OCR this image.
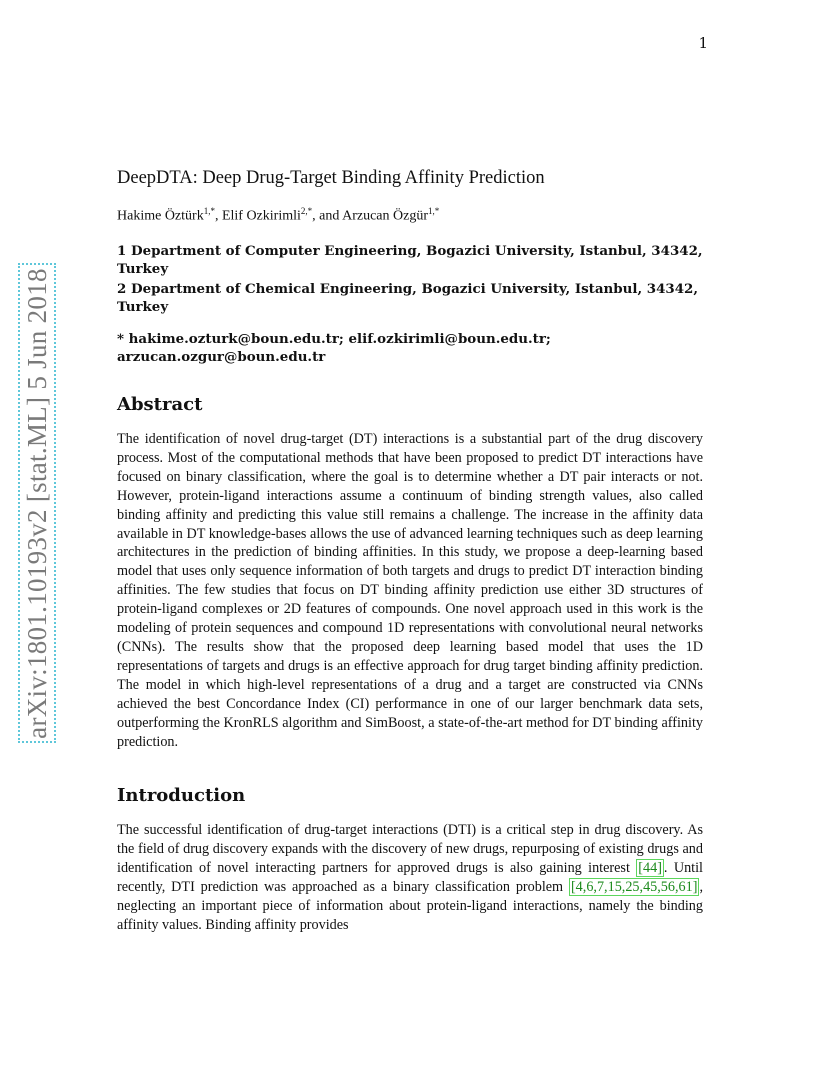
1
arXiv:1801.10193v2 [stat.ML] 5 Jun 2018
DeepDTA: Deep Drug-Target Binding Affinity Prediction
Hakime Öztürk$^{1,*}$, Elif Ozkirimli$^{2,*}$, and Arzucan Özgür$^{1,*}$
1 Department of Computer Engineering, Bogazici University, Istanbul, 34342, Turkey
2 Department of Chemical Engineering, Bogazici University, Istanbul, 34342, Turkey
* hakime.ozturk@boun.edu.tr; elif.ozkirimli@boun.edu.tr; arzucan.ozgur@boun.edu.tr
Abstract
The identification of novel drug-target (DT) interactions is a substantial part of the drug discovery process. Most of the computational methods that have been proposed to predict DT interactions have focused on binary classification, where the goal is to determine whether a DT pair interacts or not. However, protein-ligand interactions assume a continuum of binding strength values, also called binding affinity and predicting this value still remains a challenge. The increase in the affinity data available in DT knowledge-bases allows the use of advanced learning techniques such as deep learning architectures in the prediction of binding affinities. In this study, we propose a deep-learning based model that uses only sequence information of both targets and drugs to predict DT interaction binding affinities. The few studies that focus on DT binding affinity prediction use either 3D structures of protein-ligand complexes or 2D features of compounds. One novel approach used in this work is the modeling of protein sequences and compound 1D representations with convolutional neural networks (CNNs). The results show that the proposed deep learning based model that uses the 1D representations of targets and drugs is an effective approach for drug target binding affinity prediction. The model in which high-level representations of a drug and a target are constructed via CNNs achieved the best Concordance Index (CI) performance in one of our larger benchmark data sets, outperforming the KronRLS algorithm and SimBoost, a state-of-the-art method for DT binding affinity prediction.
Introduction
The successful identification of drug-target interactions (DTI) is a critical step in drug discovery. As the field of drug discovery expands with the discovery of new drugs, repurposing of existing drugs and identification of novel interacting partners for approved drugs is also gaining interest [44] . Until recently, DTI prediction was approached as a binary classification problem [4,6,7,15,25,45,56,61] , neglecting an important piece of information about protein-ligand interactions, namely the binding affinity values. Binding affinity provides
